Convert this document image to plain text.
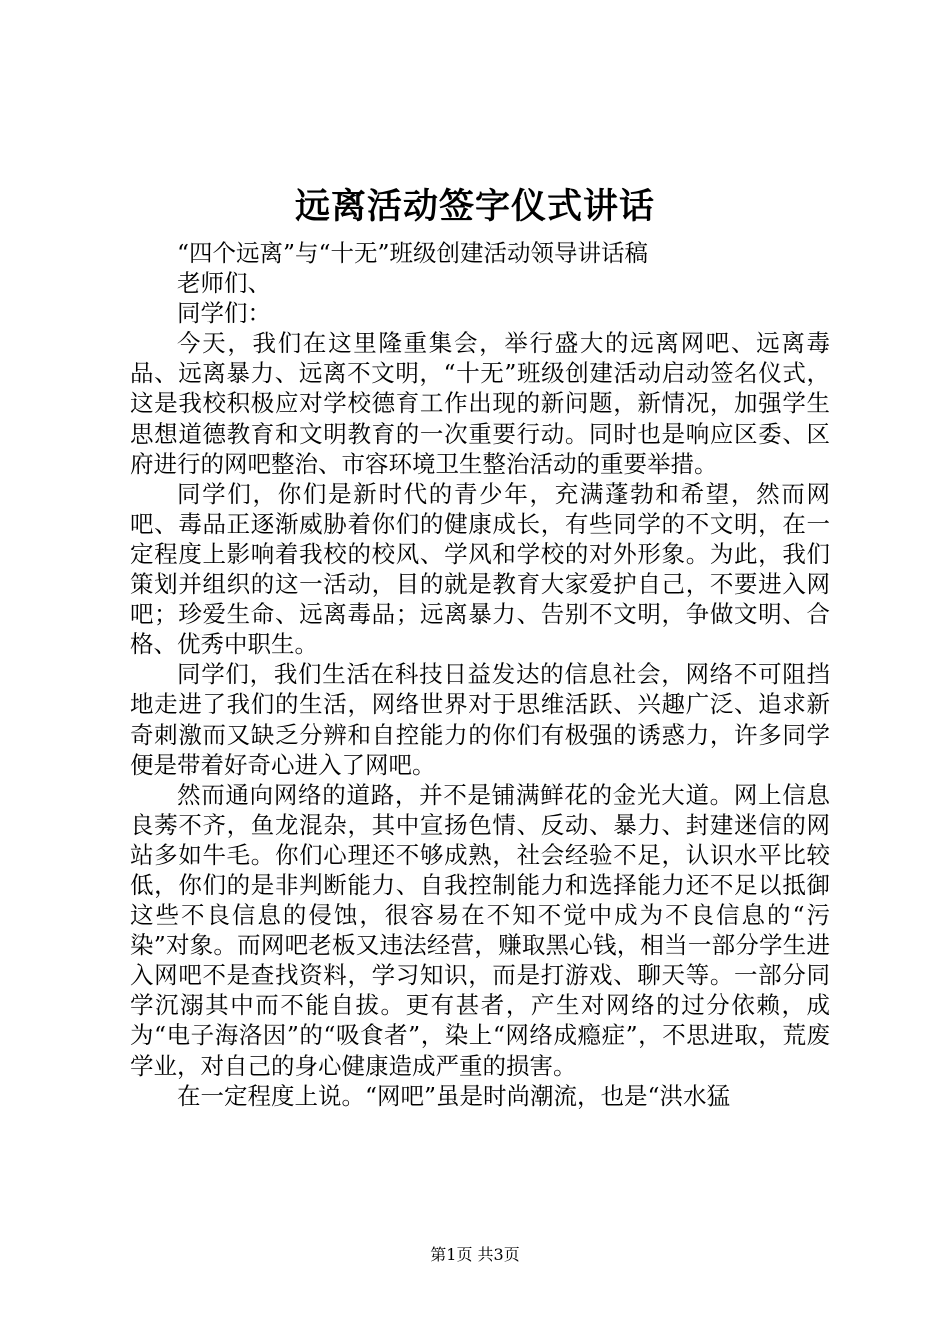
远离活动签字仪式讲话

“四个远离”与“十无”班级创建活动领导讲话稿

老师们、

同学们：

今天，我们在这里隆重集会，举行盛大的远离网吧、远离毒品、远离暴力、远离不文明，“十无”班级创建活动启动签名仪式，这是我校积极应对学校德育工作出现的新问题，新情况，加强学生思想道德教育和文明教育的一次重要行动。同时也是响应区委、区府进行的网吧整治、市容环境卫生整治活动的重要举措。

同学们，你们是新时代的青少年，充满蓬勃和希望，然而网吧、毒品正逐渐威胁着你们的健康成长，有些同学的不文明，在一定程度上影响着我校的校风、学风和学校的对外形象。为此，我们策划并组织的这一活动，目的就是教育大家爱护自己，不要进入网吧；珍爱生命、远离毒品；远离暴力、告别不文明，争做文明、合格、优秀中职生。

同学们，我们生活在科技日益发达的信息社会，网络不可阻挡地走进了我们的生活，网络世界对于思维活跃、兴趣广泛、追求新奇刺激而又缺乏分辨和自控能力的你们有极强的诱惑力，许多同学便是带着好奇心进入了网吧。

然而通向网络的道路，并不是铺满鲜花的金光大道。网上信息良莠不齐，鱼龙混杂，其中宣扬色情、反动、暴力、封建迷信的网站多如牛毛。你们心理还不够成熟，社会经验不足，认识水平比较低，你们的是非判断能力、自我控制能力和选择能力还不足以抵御这些不良信息的侵蚀，很容易在不知不觉中成为不良信息的“污染”对象。而网吧老板又违法经营，赚取黑心钱，相当一部分学生进入网吧不是查找资料，学习知识，而是打游戏、聊天等。一部分同学沉溺其中而不能自拔。更有甚者，产生对网络的过分依赖，成为“电子海洛因”的“吸食者”，染上“网络成瘾症”，不思进取，荒废学业，对自己的身心健康造成严重的损害。

在一定程度上说。“网吧”虽是时尚潮流，也是“洪水猛

第1页 共3页
